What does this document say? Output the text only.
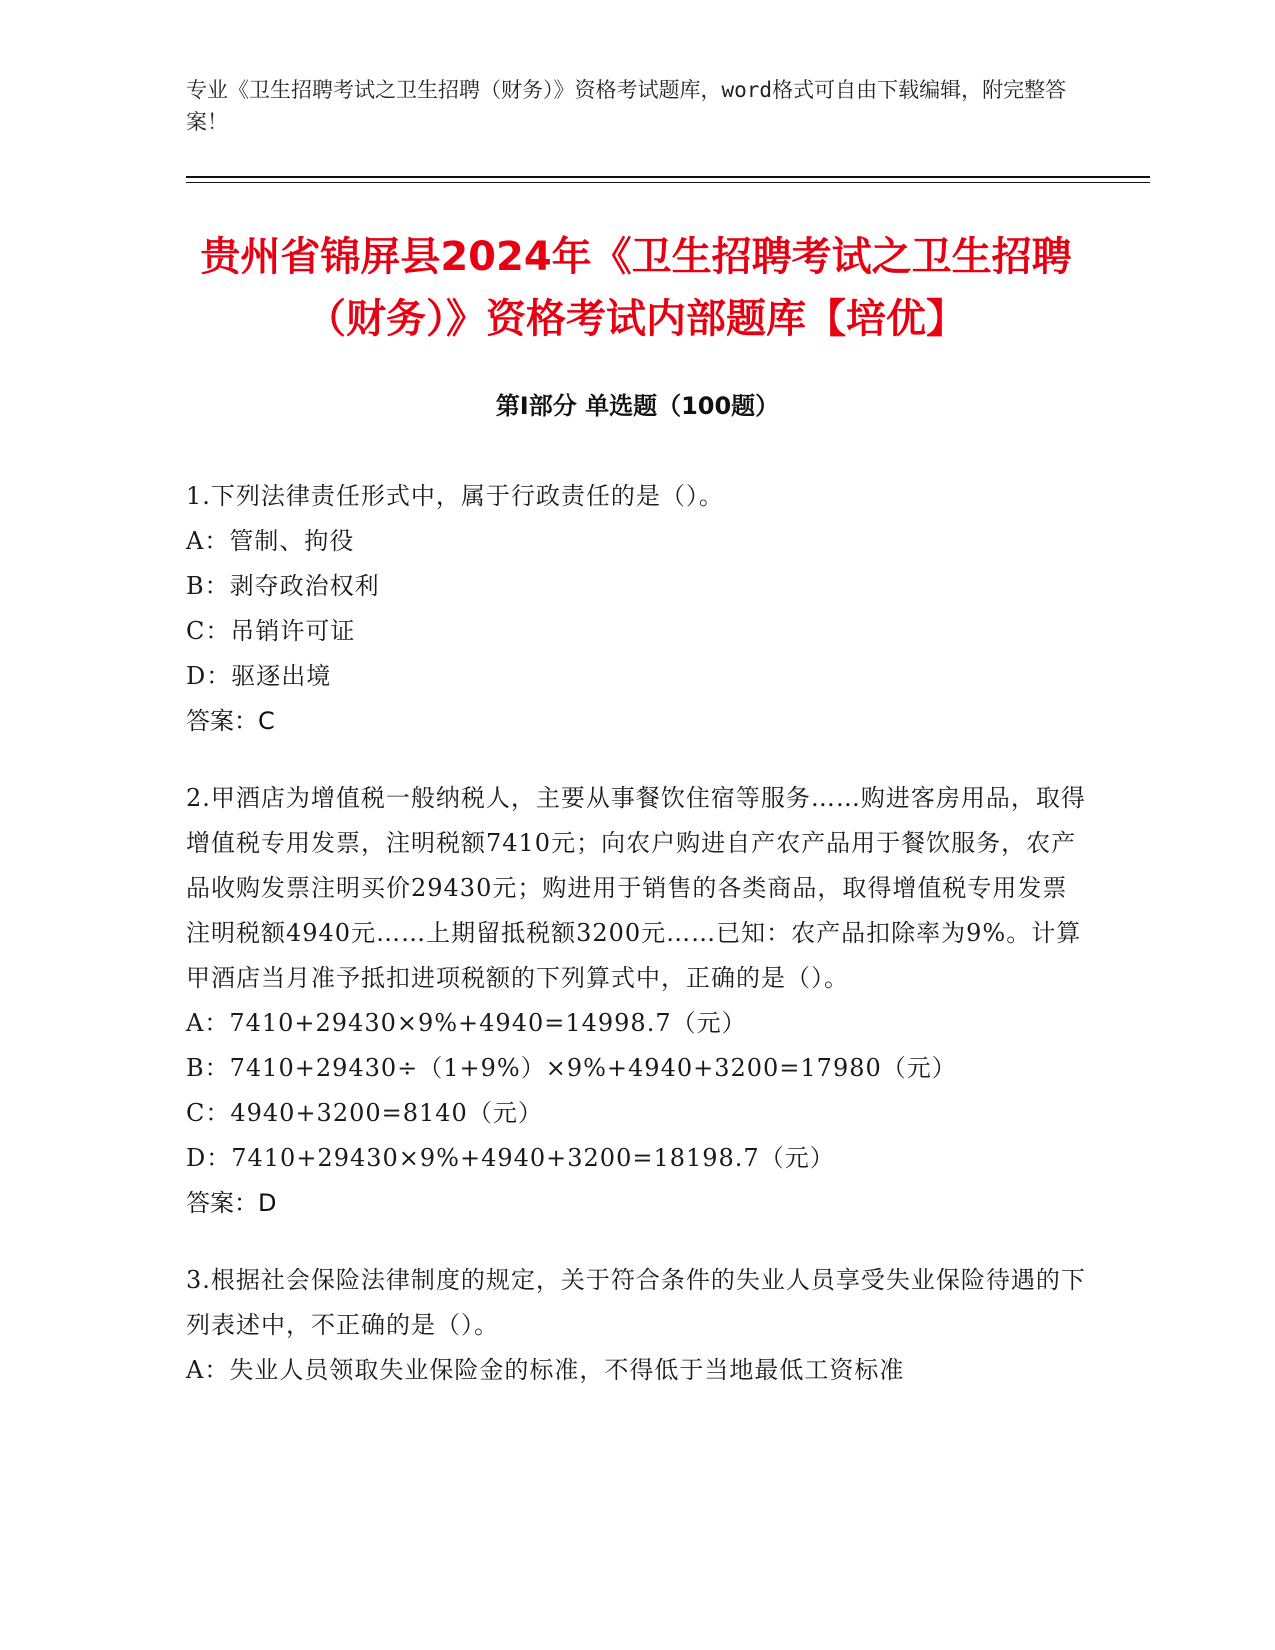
专业《卫生招聘考试之卫生招聘（财务）》资格考试题库，word格式可自由下载编辑，附完整答案！
贵州省锦屏县2024年《卫生招聘考试之卫生招聘（财务）》资格考试内部题库【培优】
第Ⅰ部分 单选题（100题）
1.下列法律责任形式中，属于行政责任的是（）。
A：管制、拘役
B：剥夺政治权利
C：吊销许可证
D：驱逐出境
答案：C
2.甲酒店为增值税一般纳税人，主要从事餐饮住宿等服务……购进客房用品，取得增值税专用发票，注明税额7410元；向农户购进自产农产品用于餐饮服务，农产品收购发票注明买价29430元；购进用于销售的各类商品，取得增值税专用发票注明税额4940元……上期留抵税额3200元……已知：农产品扣除率为9%。计算甲酒店当月准予抵扣进项税额的下列算式中，正确的是（）。
A：7410+29430×9%+4940=14998.7（元）
B：7410+29430÷（1+9%）×9%+4940+3200=17980（元）
C：4940+3200=8140（元）
D：7410+29430×9%+4940+3200=18198.7（元）
答案：D
3.根据社会保险法律制度的规定，关于符合条件的失业人员享受失业保险待遇的下列表述中，不正确的是（）。
A：失业人员领取失业保险金的标准，不得低于当地最低工资标准
